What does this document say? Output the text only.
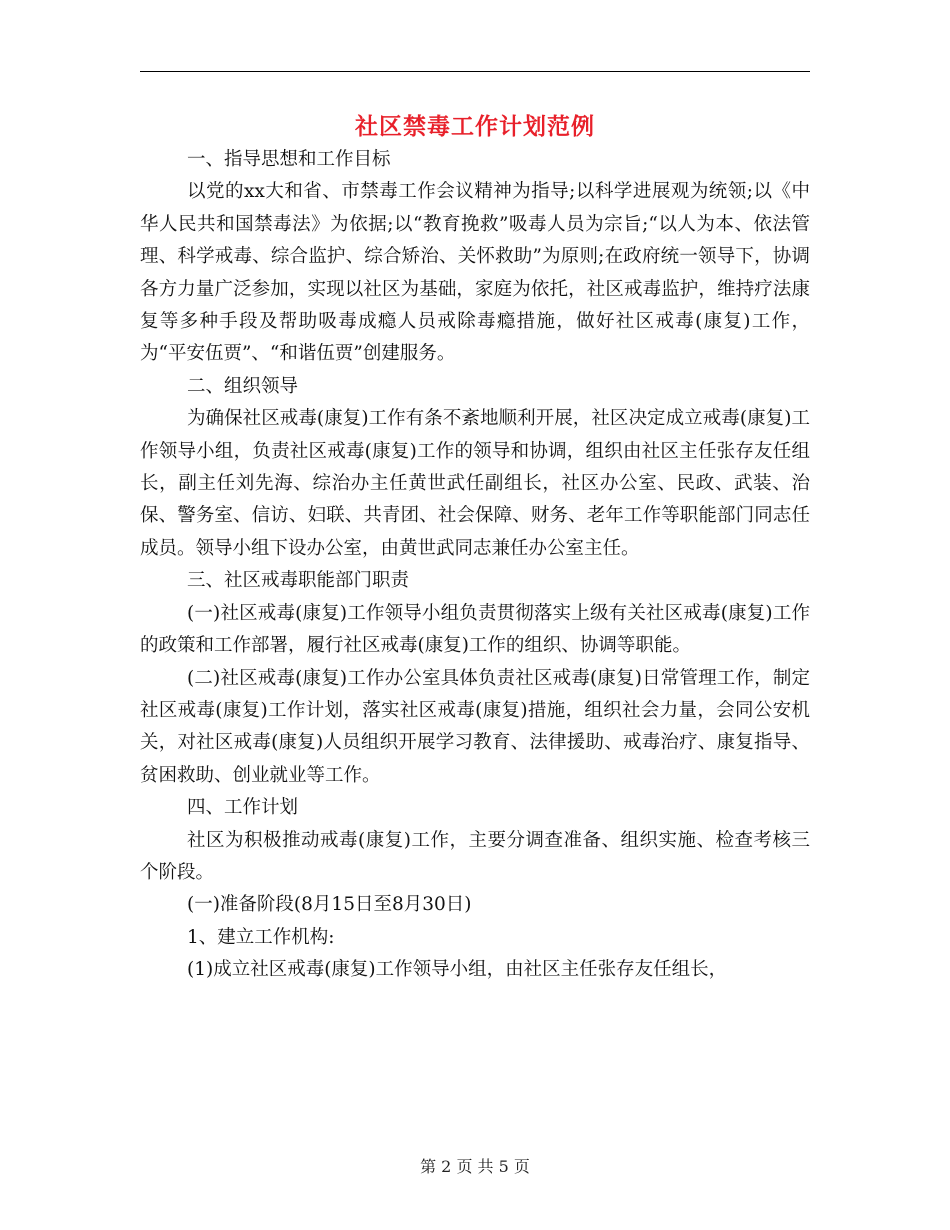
社区禁毒工作计划范例

一、指导思想和工作目标

以党的xx大和省、市禁毒工作会议精神为指导;以科学进展观为统领;以《中华人民共和国禁毒法》为依据;以“教育挽救”吸毒人员为宗旨;“以人为本、依法管理、科学戒毒、综合监护、综合矫治、关怀救助”为原则;在政府统一领导下，协调各方力量广泛参加，实现以社区为基础，家庭为依托，社区戒毒监护，维持疗法康复等多种手段及帮助吸毒成瘾人员戒除毒瘾措施，做好社区戒毒(康复)工作，为“平安伍贾”、“和谐伍贾”创建服务。

二、组织领导

为确保社区戒毒(康复)工作有条不紊地顺利开展，社区决定成立戒毒(康复)工作领导小组，负责社区戒毒(康复)工作的领导和协调，组织由社区主任张存友任组长，副主任刘先海、综治办主任黄世武任副组长，社区办公室、民政、武装、治保、警务室、信访、妇联、共青团、社会保障、财务、老年工作等职能部门同志任成员。领导小组下设办公室，由黄世武同志兼任办公室主任。

三、社区戒毒职能部门职责

(一)社区戒毒(康复)工作领导小组负责贯彻落实上级有关社区戒毒(康复)工作的政策和工作部署，履行社区戒毒(康复)工作的组织、协调等职能。

(二)社区戒毒(康复)工作办公室具体负责社区戒毒(康复)日常管理工作，制定社区戒毒(康复)工作计划，落实社区戒毒(康复)措施，组织社会力量，会同公安机关，对社区戒毒(康复)人员组织开展学习教育、法律援助、戒毒治疗、康复指导、贫困救助、创业就业等工作。

四、工作计划

社区为积极推动戒毒(康复)工作，主要分调查准备、组织实施、检查考核三个阶段。

(一)准备阶段(8月15日至8月30日)

1、建立工作机构:

(1)成立社区戒毒(康复)工作领导小组，由社区主任张存友任组长，

第 2 页 共 5 页
